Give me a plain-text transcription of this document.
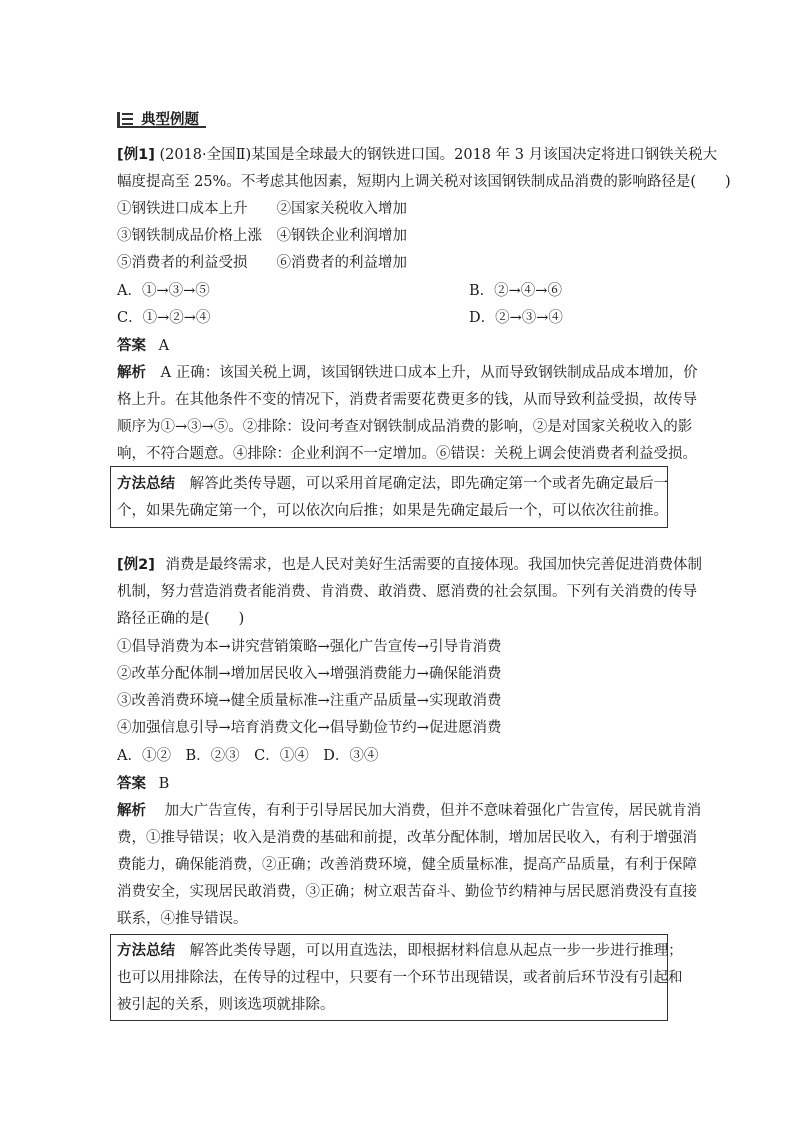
典型例题
[例1] (2018·全国Ⅱ)某国是全球最大的钢铁进口国。2018 年 3 月该国决定将进口钢铁关税大
幅度提高至 25%。不考虑其他因素，短期内上调关税对该国钢铁制成品消费的影响路径是(　　)
①钢铁进口成本上升　　②国家关税收入增加
③钢铁制成品价格上涨　④钢铁企业利润增加
⑤消费者的利益受损　　⑥消费者的利益增加
A．①→③→⑤	B．②→④→⑥
C．①→②→④	D．②→③→④
答案 A
解析 A 正确：该国关税上调，该国钢铁进口成本上升，从而导致钢铁制成品成本增加，价
格上升。在其他条件不变的情况下，消费者需要花费更多的钱，从而导致利益受损，故传导
顺序为①→③→⑤。②排除：设问考查对钢铁制成品消费的影响，②是对国家关税收入的影
响，不符合题意。④排除：企业利润不一定增加。⑥错误：关税上调会使消费者利益受损。
方法总结 解答此类传导题，可以采用首尾确定法，即先确定第一个或者先确定最后一
个，如果先确定第一个，可以依次向后推；如果是先确定最后一个，可以依次往前推。
[例2] 消费是最终需求，也是人民对美好生活需要的直接体现。我国加快完善促进消费体制
机制，努力营造消费者能消费、肯消费、敢消费、愿消费的社会氛围。下列有关消费的传导
路径正确的是(　　)
①倡导消费为本→讲究营销策略→强化广告宣传→引导肯消费
②改革分配体制→增加居民收入→增强消费能力→确保能消费
③改善消费环境→健全质量标准→注重产品质量→实现敢消费
④加强信息引导→培育消费文化→倡导勤俭节约→促进愿消费
A．①②　B．②③　C．①④　D．③④
答案 B
解析 加大广告宣传，有利于引导居民加大消费，但并不意味着强化广告宣传，居民就肯消
费，①推导错误；收入是消费的基础和前提，改革分配体制，增加居民收入，有利于增强消
费能力，确保能消费，②正确；改善消费环境，健全质量标准，提高产品质量，有利于保障
消费安全，实现居民敢消费，③正确；树立艰苦奋斗、勤俭节约精神与居民愿消费没有直接
联系，④推导错误。
方法总结 解答此类传导题，可以用直选法，即根据材料信息从起点一步一步进行推理；
也可以用排除法，在传导的过程中，只要有一个环节出现错误，或者前后环节没有引起和
被引起的关系，则该选项就排除。
